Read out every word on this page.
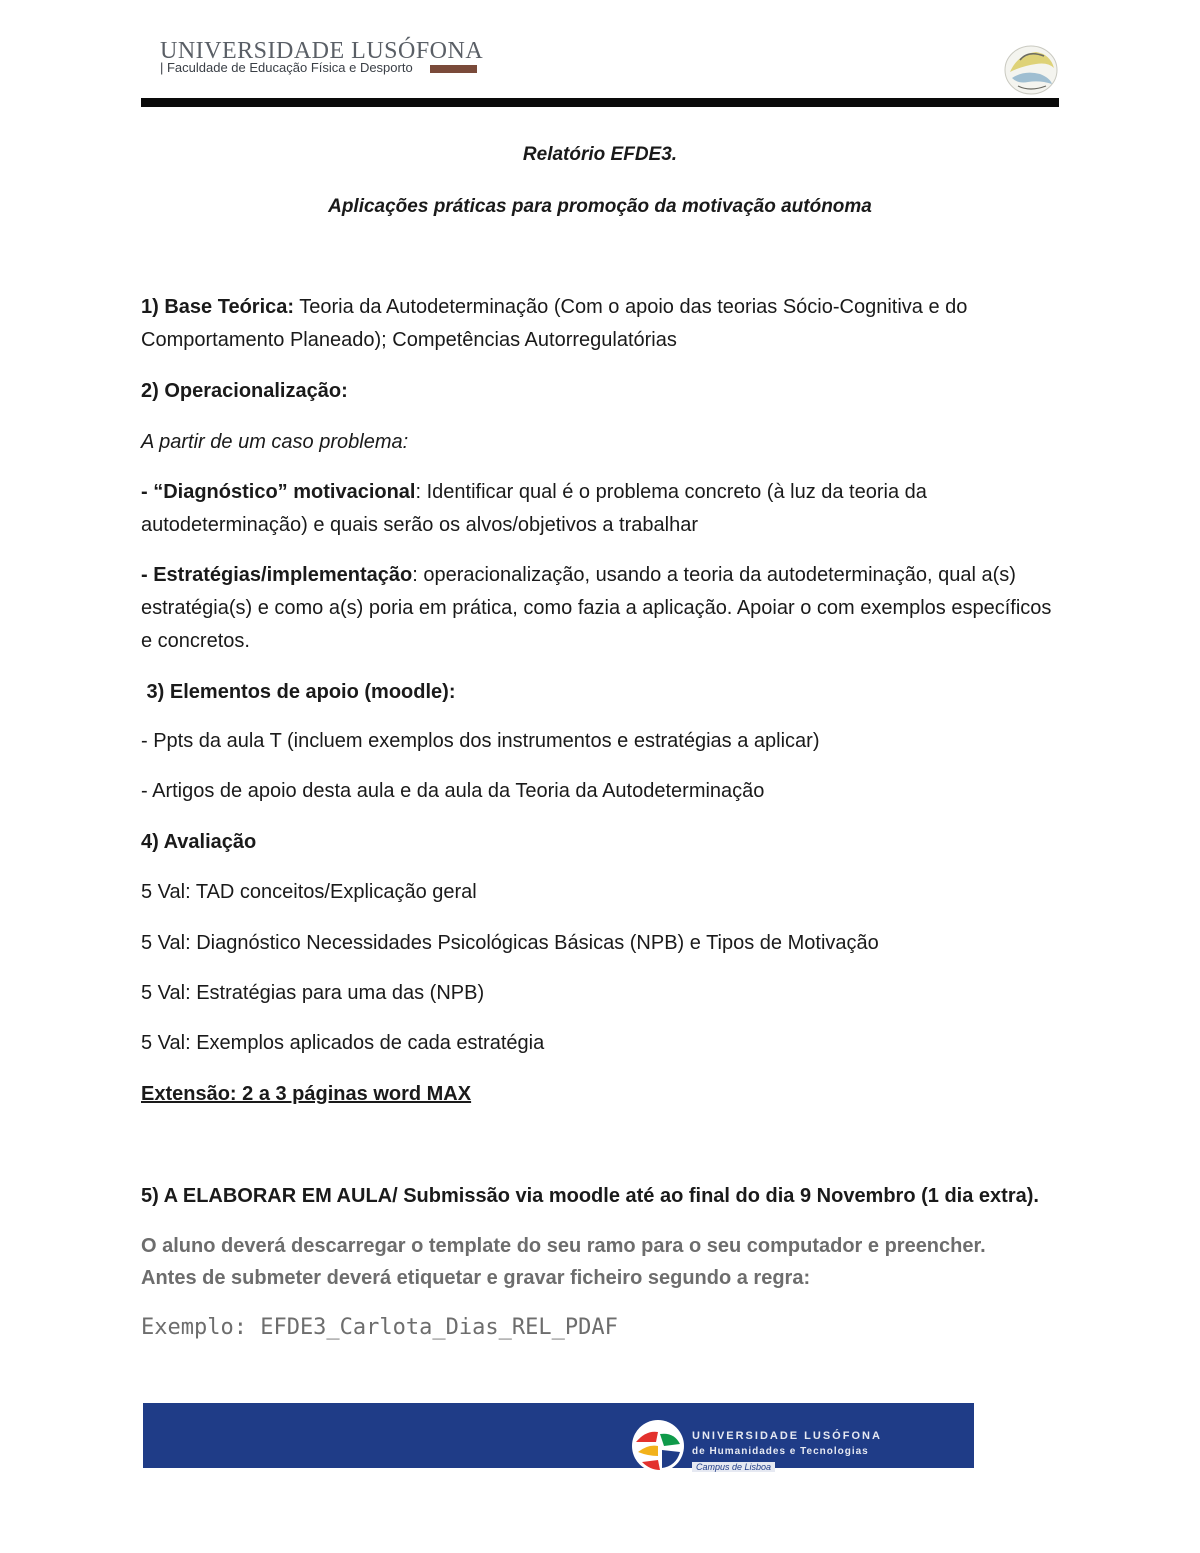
UNIVERSIDADE LUSÓFONA
| Faculdade de Educação Física e Desporto
Relatório EFDE3.
Aplicações práticas para promoção da motivação autónoma
1) Base Teórica: Teoria da Autodeterminação (Com o apoio das teorias Sócio-Cognitiva e do Comportamento Planeado); Competências Autorregulatórias
2) Operacionalização:
A partir de um caso problema:
- “Diagnóstico” motivacional: Identificar qual é o problema concreto (à luz da teoria da autodeterminação) e quais serão os alvos/objetivos a trabalhar
- Estratégias/implementação: operacionalização, usando a teoria da autodeterminação, qual a(s) estratégia(s) e como a(s) poria em prática, como fazia a aplicação. Apoiar o com exemplos específicos e concretos.
3) Elementos de apoio (moodle):
- Ppts da aula T (incluem exemplos dos instrumentos e estratégias a aplicar)
- Artigos de apoio desta aula e da aula da Teoria da Autodeterminação
4) Avaliação
5 Val: TAD conceitos/Explicação geral
5 Val: Diagnóstico Necessidades Psicológicas Básicas (NPB) e Tipos de Motivação
5 Val: Estratégias para uma das (NPB)
5 Val: Exemplos aplicados de cada estratégia
Extensão: 2 a 3 páginas word MAX
5) A ELABORAR EM AULA/ Submissão via moodle até ao final do dia 9 Novembro (1 dia extra).
O aluno deverá descarregar o template do seu ramo para o seu computador e preencher.
Antes de submeter deverá etiquetar e gravar ficheiro segundo a regra:
Exemplo: EFDE3_Carlota_Dias_REL_PDAF
UNIVERSIDADE LUSÓFONA
de Humanidades e Tecnologias
Campus de Lisboa
